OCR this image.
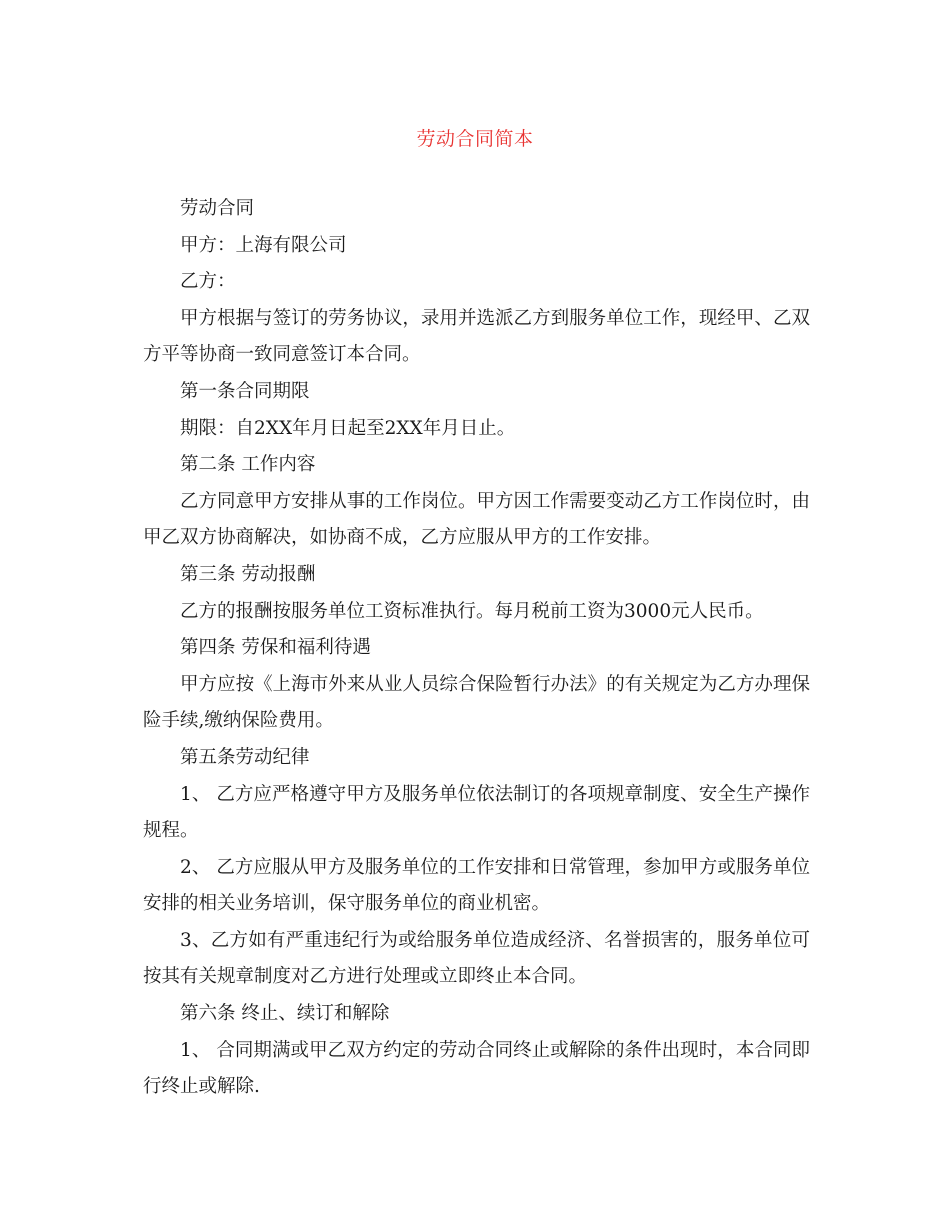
劳动合同简本

劳动合同

甲方：上海有限公司

乙方：

甲方根据与签订的劳务协议，录用并选派乙方到服务单位工作，现经甲、乙双方平等协商一致同意签订本合同。

第一条合同期限

期限：自2XX年月日起至2XX年月日止。

第二条 工作内容

乙方同意甲方安排从事的工作岗位。甲方因工作需要变动乙方工作岗位时，由甲乙双方协商解决，如协商不成，乙方应服从甲方的工作安排。

第三条 劳动报酬

乙方的报酬按服务单位工资标准执行。每月税前工资为3000元人民币。

第四条 劳保和福利待遇

甲方应按《上海市外来从业人员综合保险暂行办法》的有关规定为乙方办理保险手续,缴纳保险费用。

第五条劳动纪律

1、 乙方应严格遵守甲方及服务单位依法制订的各项规章制度、安全生产操作规程。

2、 乙方应服从甲方及服务单位的工作安排和日常管理，参加甲方或服务单位安排的相关业务培训，保守服务单位的商业机密。

3、乙方如有严重违纪行为或给服务单位造成经济、名誉损害的，服务单位可按其有关规章制度对乙方进行处理或立即终止本合同。

第六条 终止、续订和解除

1、 合同期满或甲乙双方约定的劳动合同终止或解除的条件出现时，本合同即行终止或解除.
